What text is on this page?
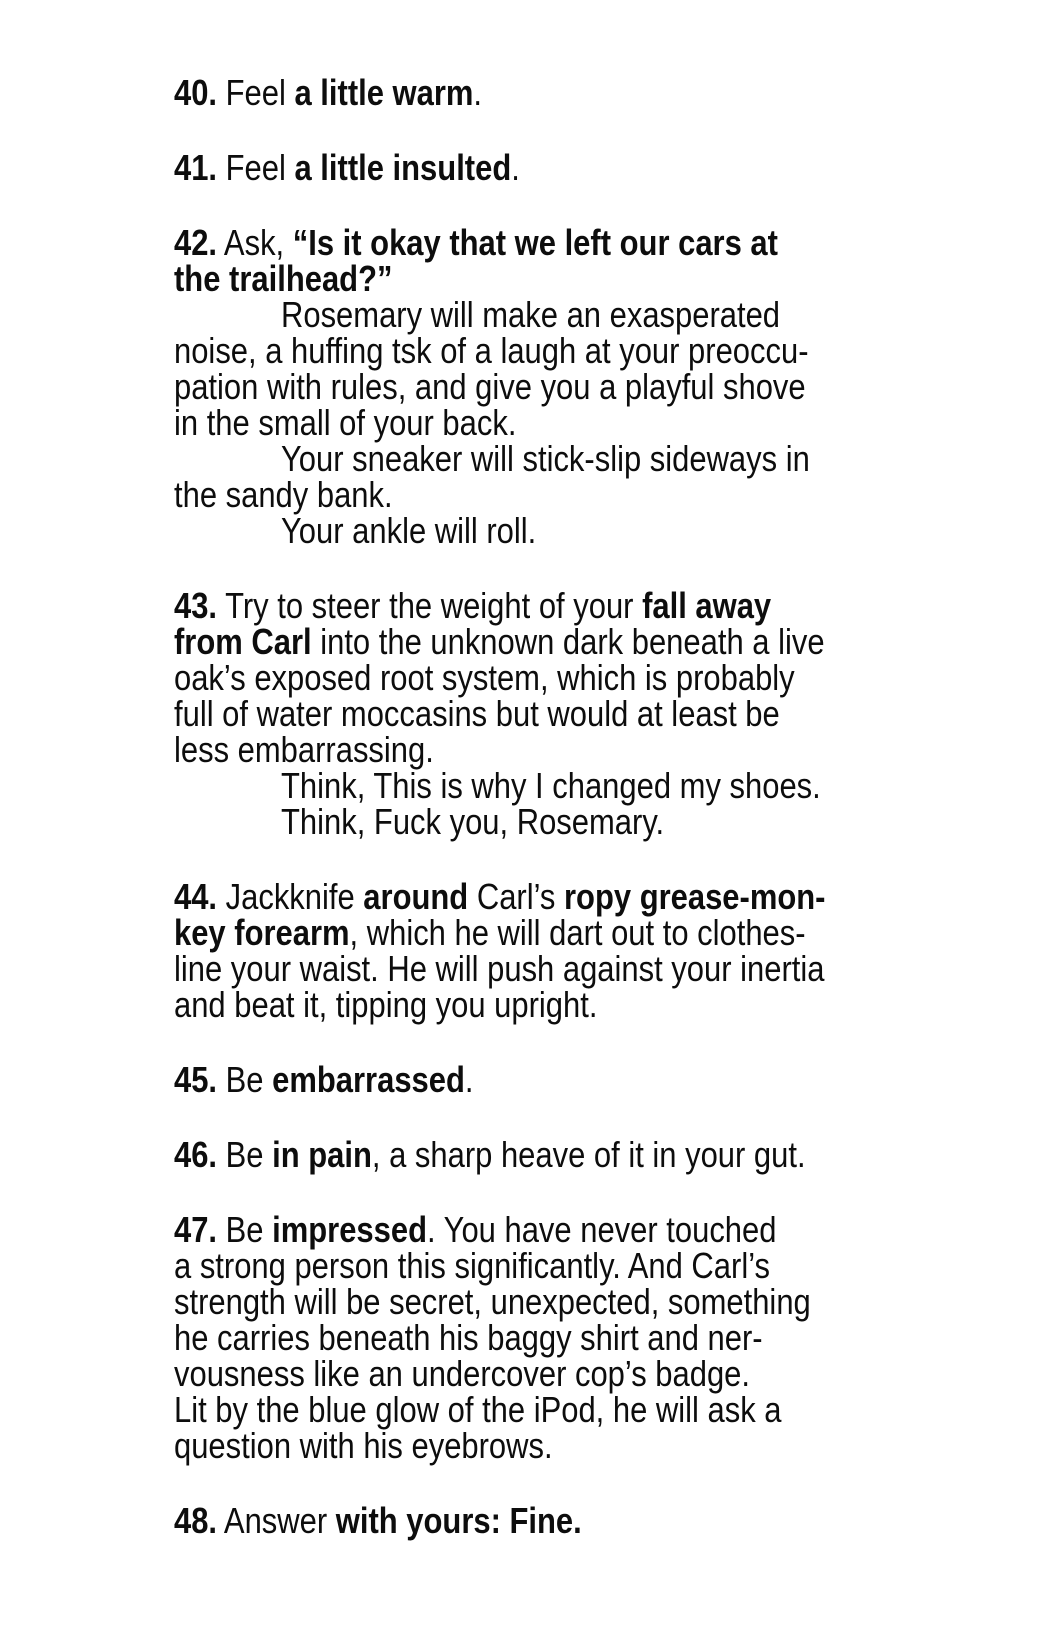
40. Feel a little warm.
41. Feel a little insulted.
42. Ask, “Is it okay that we left our cars at
the trailhead?”
Rosemary will make an exasperated
noise, a huffing tsk of a laugh at your preoccu-
pation with rules, and give you a playful shove
in the small of your back.
Your sneaker will stick-slip sideways in
the sandy bank.
Your ankle will roll.
43. Try to steer the weight of your fall away
from Carl into the unknown dark beneath a live
oak’s exposed root system, which is probably
full of water moccasins but would at least be
less embarrassing.
Think, This is why I changed my shoes.
Think, Fuck you, Rosemary.
44. Jackknife around Carl’s ropy grease-mon-
key forearm, which he will dart out to clothes-
line your waist. He will push against your inertia
and beat it, tipping you upright.
45. Be embarrassed.
46. Be in pain, a sharp heave of it in your gut.
47. Be impressed. You have never touched
a strong person this significantly. And Carl’s
strength will be secret, unexpected, something
he carries beneath his baggy shirt and ner-
vousness like an undercover cop’s badge.
Lit by the blue glow of the iPod, he will ask a
question with his eyebrows.
48. Answer with yours: Fine.
